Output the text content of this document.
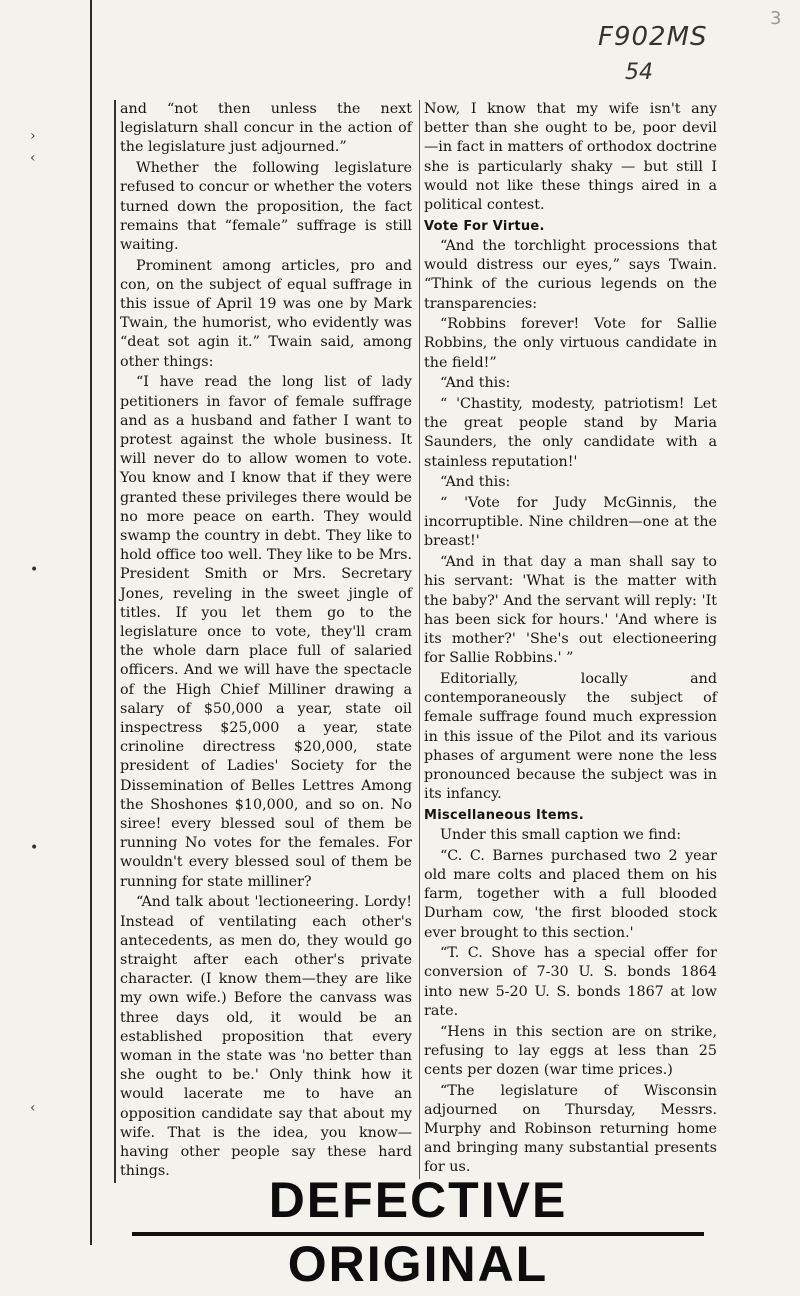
3
F902MS
54
›
‹
•
•
‹

and “not then unless the next legislaturn shall concur in the action of the legislature just adjourned.”

Whether the following legislature refused to concur or whether the voters turned down the proposition, the fact remains that “female” suffrage is still waiting.

Prominent among articles, pro and con, on the subject of equal suffrage in this issue of April 19 was one by Mark Twain, the humorist, who evidently was “deat sot agin it.” Twain said, among other things:

“I have read the long list of lady petitioners in favor of female suffrage and as a husband and father I want to protest against the whole business. It will never do to allow women to vote. You know and I know that if they were granted these privileges there would be no more peace on earth. They would swamp the country in debt. They like to hold office too well. They like to be Mrs. President Smith or Mrs. Secretary Jones, reveling in the sweet jingle of titles. If you let them go to the legislature once to vote, they'll cram the whole darn place full of salaried officers. And we will have the spectacle of the High Chief Milliner drawing a salary of $50,000 a year, state oil inspectress $25,000 a year, state crinoline directress $20,000, state president of Ladies' Society for the Dissemination of Belles Lettres Among the Shoshones $10,000, and so on. No siree! every blessed soul of them be running No votes for the females. For wouldn't every blessed soul of them be running for state milliner?

“And talk about 'lectioneering. Lordy! Instead of ventilating each other's antecedents, as men do, they would go straight after each other's private character. (I know them—they are like my own wife.) Before the canvass was three days old, it would be an established proposition that every woman in the state was 'no better than she ought to be.' Only think how it would lacerate me to have an opposition candidate say that about my wife. That is the idea, you know—having other people say these hard things.

Now, I know that my wife isn't any better than she ought to be, poor devil —in fact in matters of orthodox doctrine she is particularly shaky — but still I would not like these things aired in a political contest.

Vote For Virtue.

“And the torchlight processions that would distress our eyes,” says Twain. “Think of the curious legends on the transparencies:

“Robbins forever! Vote for Sallie Robbins, the only virtuous candidate in the field!”

“And this:

“ 'Chastity, modesty, patriotism! Let the great people stand by Maria Saunders, the only candidate with a stainless reputation!'

“And this:

“ 'Vote for Judy McGinnis, the incorruptible. Nine children—one at the breast!'

“And in that day a man shall say to his servant: 'What is the matter with the baby?' And the servant will reply: 'It has been sick for hours.' 'And where is its mother?' 'She's out electioneering for Sallie Robbins.' ”

Editorially, locally and contemporaneously the subject of female suffrage found much expression in this issue of the Pilot and its various phases of argument were none the less pronounced because the subject was in its infancy.

Miscellaneous Items.

Under this small caption we find:

“C. C. Barnes purchased two 2 year old mare colts and placed them on his farm, together with a full blooded Durham cow, 'the first blooded stock ever brought to this section.'

“T. C. Shove has a special offer for conversion of 7-30 U. S. bonds 1864 into new 5-20 U. S. bonds 1867 at low rate.

“Hens in this section are on strike, refusing to lay eggs at less than 25 cents per dozen (war time prices.)

“The legislature of Wisconsin adjourned on Thursday, Messrs. Murphy and Robinson returning home and bringing many substantial presents for us.

DEFECTIVE ORIGINAL
